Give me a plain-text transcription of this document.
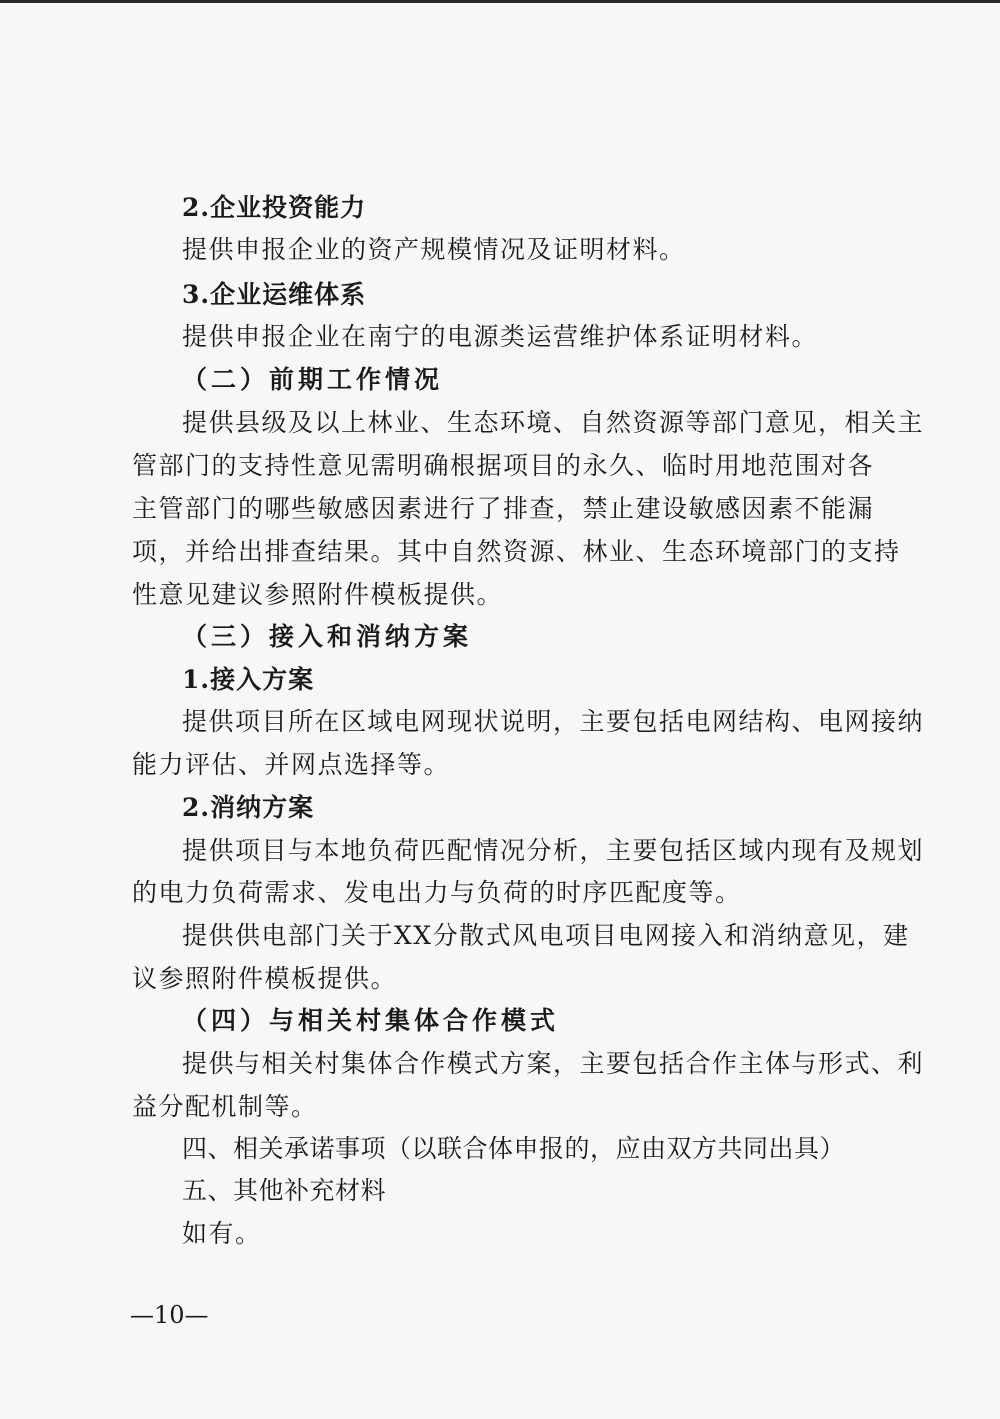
2.企业投资能力
提供申报企业的资产规模情况及证明材料。
3.企业运维体系
提供申报企业在南宁的电源类运营维护体系证明材料。
（二）前期工作情况
提供县级及以上林业、生态环境、自然资源等部门意见，相关主
管部门的支持性意见需明确根据项目的永久、临时用地范围对各
主管部门的哪些敏感因素进行了排查，禁止建设敏感因素不能漏
项，并给出排查结果。其中自然资源、林业、生态环境部门的支持
性意见建议参照附件模板提供。
（三）接入和消纳方案
1.接入方案
提供项目所在区域电网现状说明，主要包括电网结构、电网接纳
能力评估、并网点选择等。
2.消纳方案
提供项目与本地负荷匹配情况分析，主要包括区域内现有及规划
的电力负荷需求、发电出力与负荷的时序匹配度等。
提供供电部门关于XX分散式风电项目电网接入和消纳意见，建
议参照附件模板提供。
（四）与相关村集体合作模式
提供与相关村集体合作模式方案，主要包括合作主体与形式、利
益分配机制等。
四、相关承诺事项（以联合体申报的，应由双方共同出具）
五、其他补充材料
如有。
—10—
